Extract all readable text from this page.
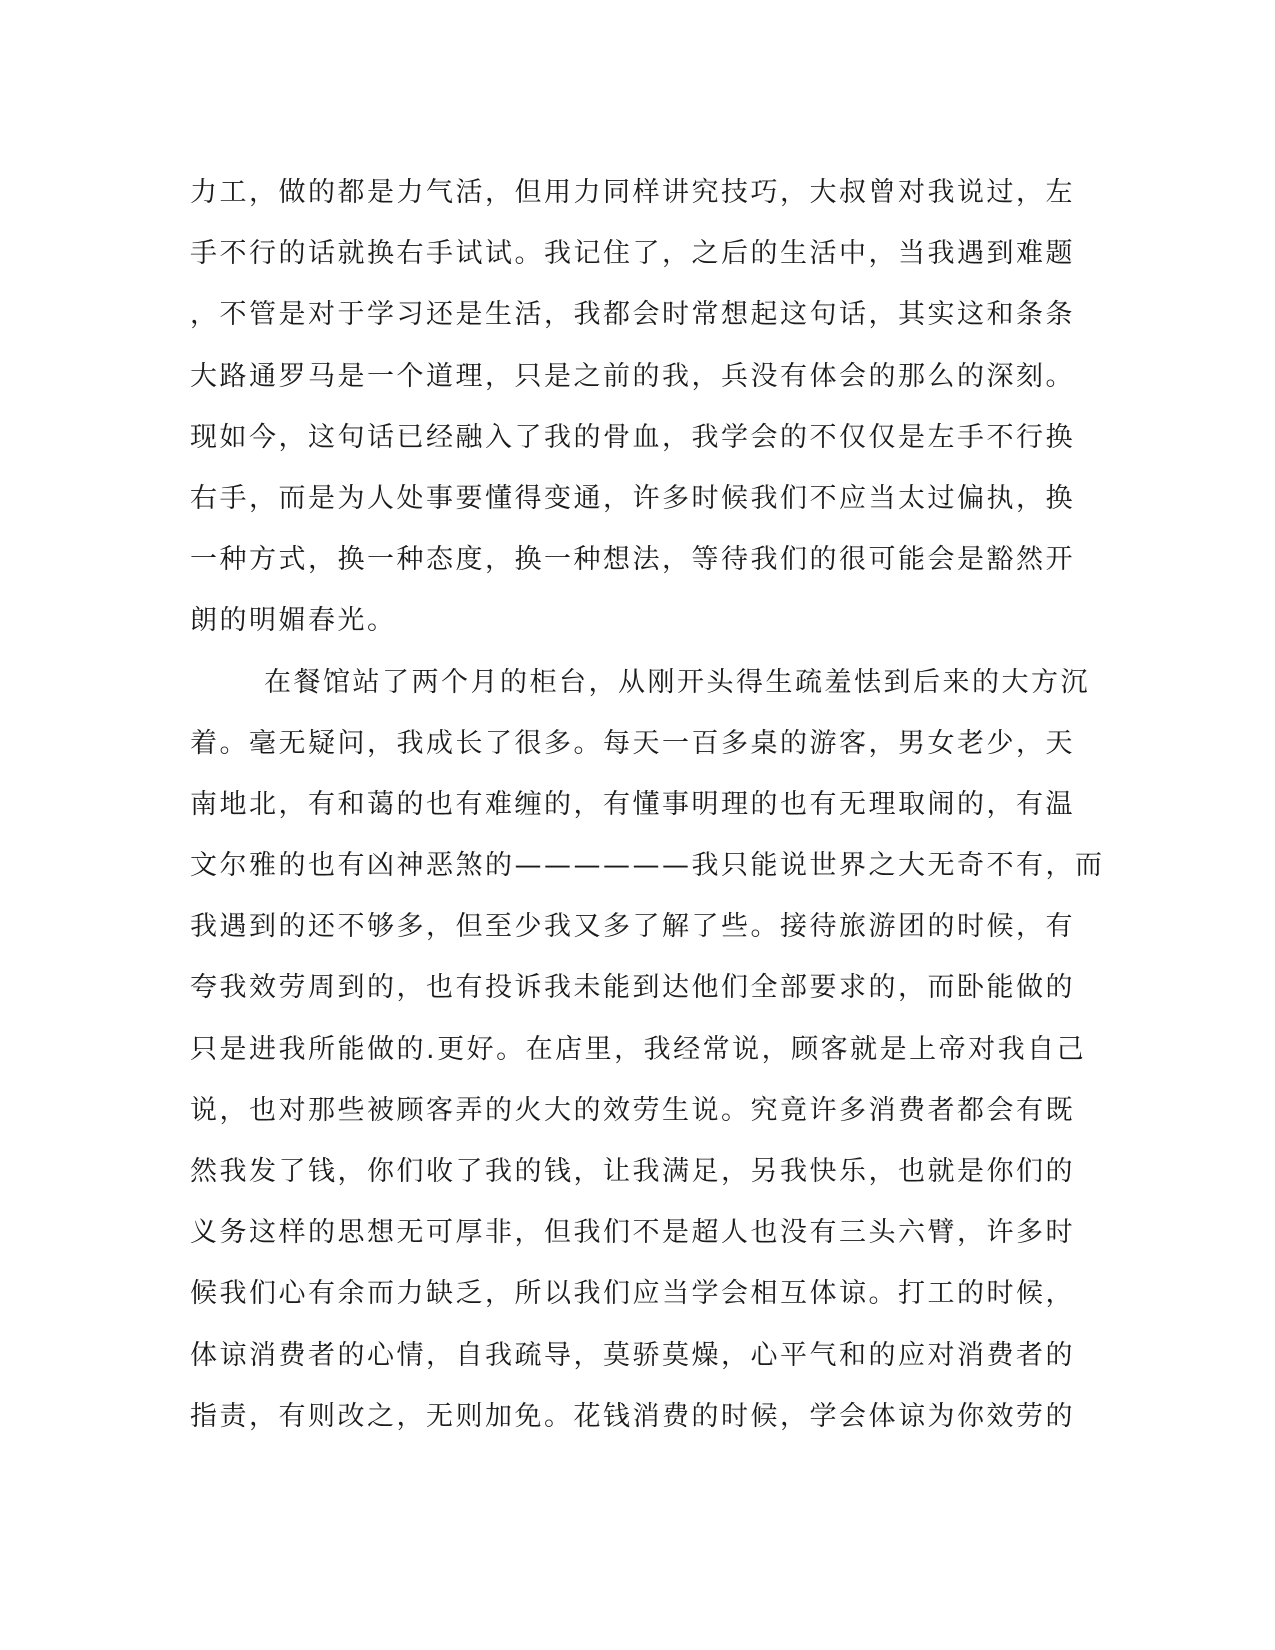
力工，做的都是力气活，但用力同样讲究技巧，大叔曾对我说过，左
手不行的话就换右手试试。我记住了，之后的生活中，当我遇到难题
，不管是对于学习还是生活，我都会时常想起这句话，其实这和条条
大路通罗马是一个道理，只是之前的我，兵没有体会的那么的深刻。
现如今，这句话已经融入了我的骨血，我学会的不仅仅是左手不行换
右手，而是为人处事要懂得变通，许多时候我们不应当太过偏执，换
一种方式，换一种态度，换一种想法，等待我们的很可能会是豁然开
朗的明媚春光。
在餐馆站了两个月的柜台，从刚开头得生疏羞怯到后来的大方沉
着。毫无疑问，我成长了很多。每天一百多桌的游客，男女老少，天
南地北，有和蔼的也有难缠的，有懂事明理的也有无理取闹的，有温
文尔雅的也有凶神恶煞的——————我只能说世界之大无奇不有，而
我遇到的还不够多，但至少我又多了解了些。接待旅游团的时候，有
夸我效劳周到的，也有投诉我未能到达他们全部要求的，而卧能做的
只是进我所能做的.更好。在店里，我经常说，顾客就是上帝对我自己
说，也对那些被顾客弄的火大的效劳生说。究竟许多消费者都会有既
然我发了钱，你们收了我的钱，让我满足，另我快乐，也就是你们的
义务这样的思想无可厚非，但我们不是超人也没有三头六臂，许多时
候我们心有余而力缺乏，所以我们应当学会相互体谅。打工的时候，
体谅消费者的心情，自我疏导，莫骄莫燥，心平气和的应对消费者的
指责，有则改之，无则加免。花钱消费的时候，学会体谅为你效劳的
